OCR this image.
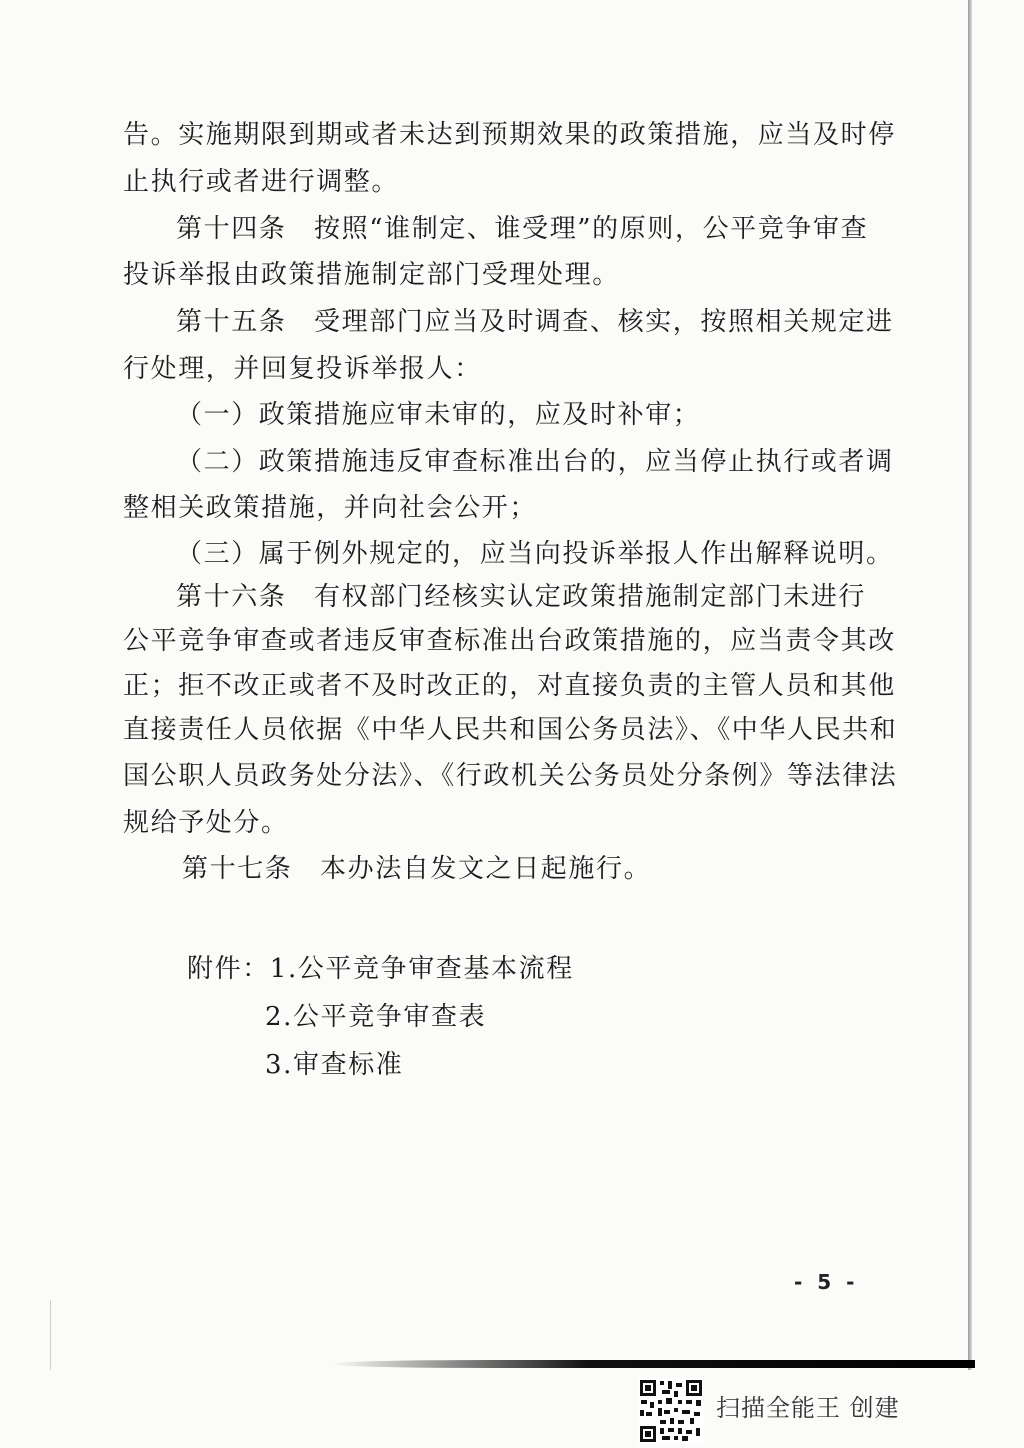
告。实施期限到期或者未达到预期效果的政策措施，应当及时停

止执行或者进行调整。

第十四条　按照“谁制定、谁受理”的原则，公平竞争审查

投诉举报由政策措施制定部门受理处理。

第十五条　受理部门应当及时调查、核实，按照相关规定进

行处理，并回复投诉举报人：

（一）政策措施应审未审的，应及时补审；

（二）政策措施违反审查标准出台的，应当停止执行或者调

整相关政策措施，并向社会公开；

（三）属于例外规定的，应当向投诉举报人作出解释说明。

第十六条　有权部门经核实认定政策措施制定部门未进行

公平竞争审查或者违反审查标准出台政策措施的，应当责令其改

正；拒不改正或者不及时改正的，对直接负责的主管人员和其他

直接责任人员依据《中华人民共和国公务员法》、《中华人民共和

国公职人员政务处分法》、《行政机关公务员处分条例》等法律法

规给予处分。

第十七条　本办法自发文之日起施行。

附件：1.公平竞争审查基本流程

2.公平竞争审查表

3.审查标准

- 5 -
扫描全能王 创建
